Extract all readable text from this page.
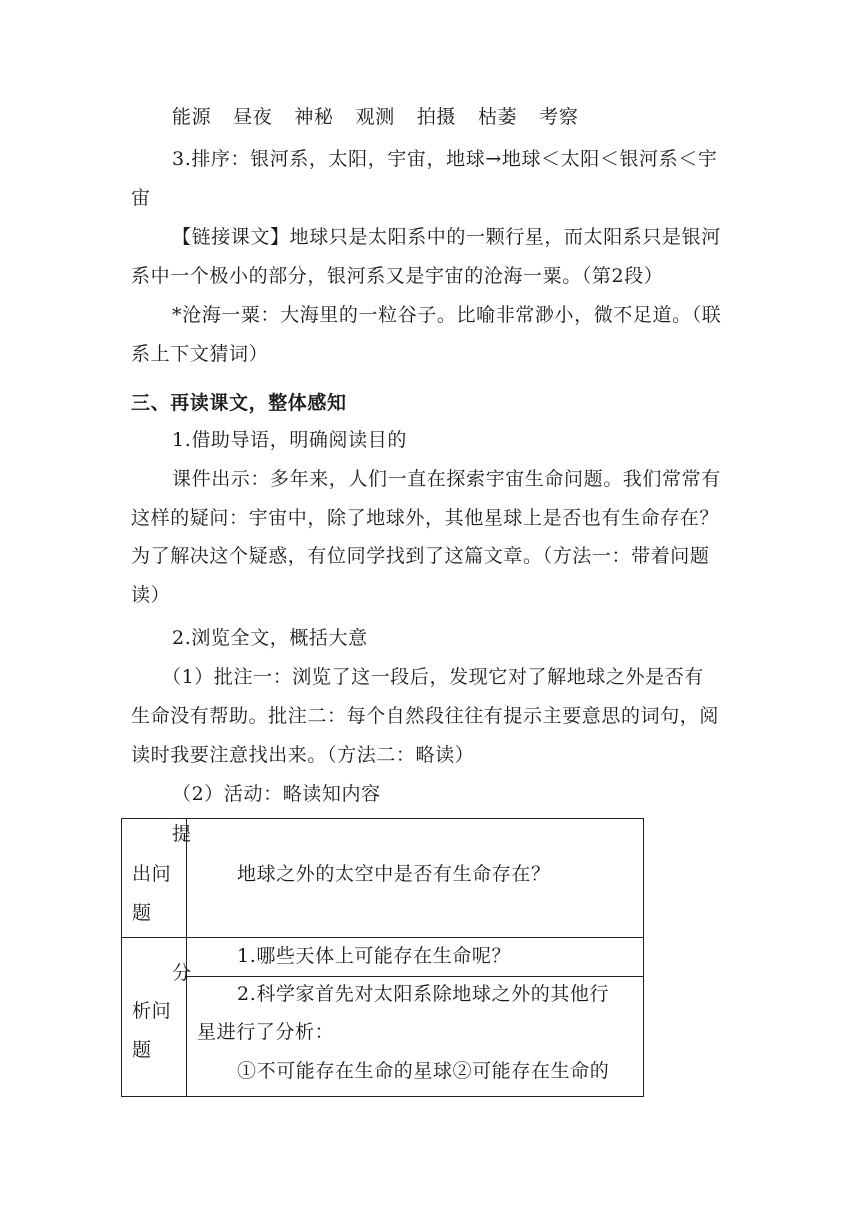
能源 昼夜 神秘 观测 拍摄 枯萎 考察
3.排序：银河系，太阳，宇宙，地球→地球＜太阳＜银河系＜宇
宙
【链接课文】地球只是太阳系中的一颗行星，而太阳系只是银河
系中一个极小的部分，银河系又是宇宙的沧海一粟。（第2段）
*沧海一粟：大海里的一粒谷子。比喻非常渺小，微不足道。（联
系上下文猜词）
三、再读课文，整体感知
1.借助导语，明确阅读目的
课件出示：多年来，人们一直在探索宇宙生命问题。我们常常有
这样的疑问：宇宙中，除了地球外，其他星球上是否也有生命存在？
为了解决这个疑惑，有位同学找到了这篇文章。（方法一：带着问题
读）
2.浏览全文，概括大意
（1）批注一：浏览了这一段后，发现它对了解地球之外是否有
生命没有帮助。批注二：每个自然段往往有提示主要意思的词句，阅
读时我要注意找出来。（方法二：略读）
（2）活动：略读知内容
提
出问
题	地球之外的太空中是否有生命存在？

分
析问
题	1.哪些天体上可能存在生命呢？

	2.科学家首先对太阳系除地球之外的其他行
星进行了分析：
①不可能存在生命的星球②可能存在生命的
